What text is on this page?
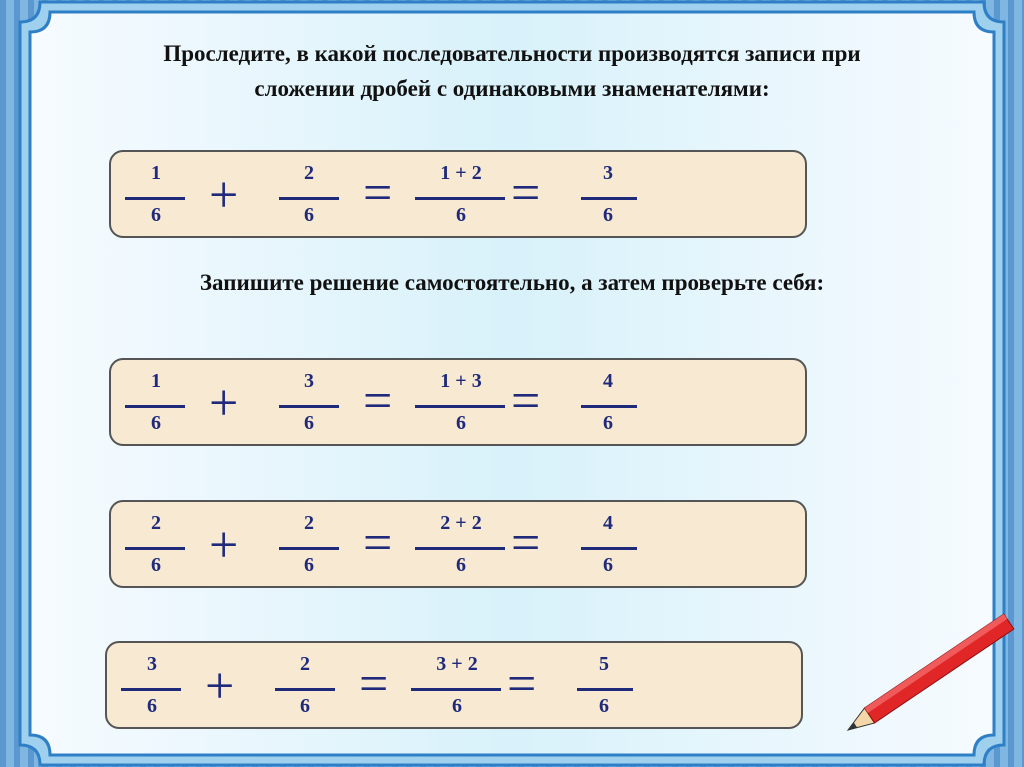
Проследите, в какой последовательности производятся записи при
сложении дробей с одинаковыми знаменателями:
Запишите решение самостоятельно, а затем проверьте себя:
1
6 +	2
6 =	1 + 2
6 =	3
6
1
6 +	3
6 =	1 + 3
6 =	4
6
2
6 +	2
6 =	2 + 2
6 =	4
6
3
6 +	2
6 =	3 + 2
6 =	5
6
